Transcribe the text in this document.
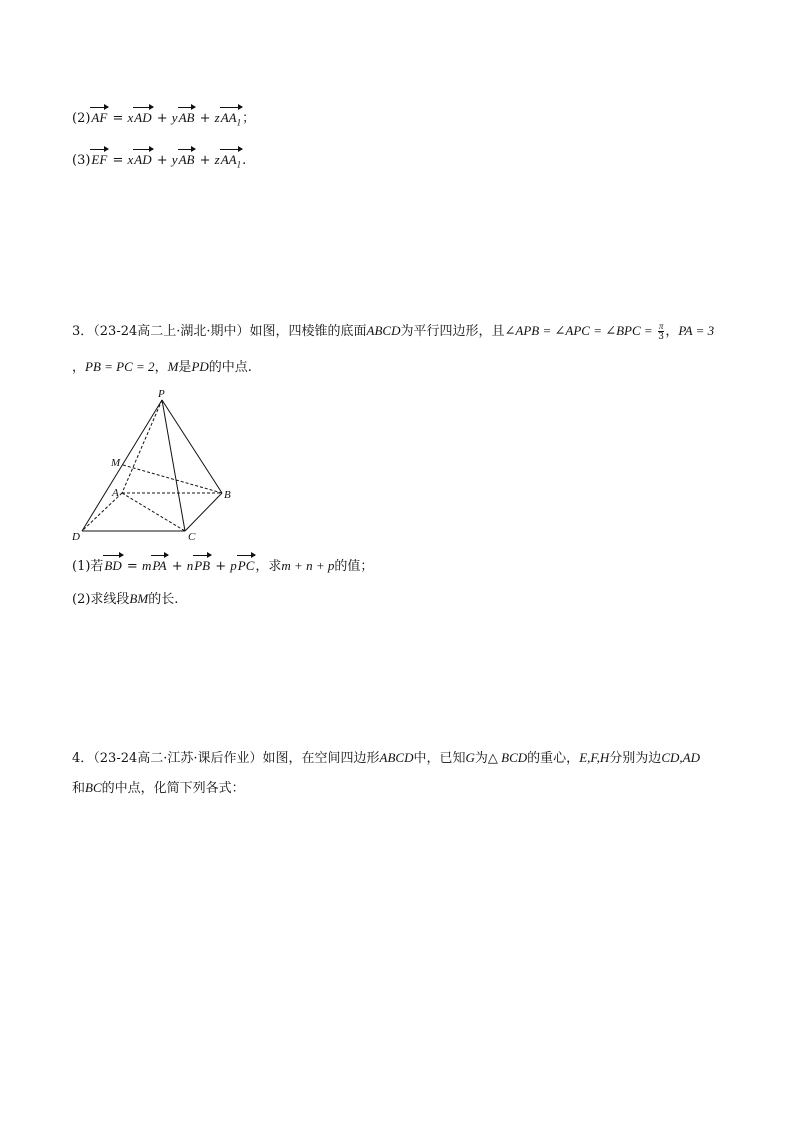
(2)AF = xAD + yAB + zAA$_1$；
(3)EF = xAD + yAB + zAA$_1$.
3．（23-24高二上·湖北·期中）如图，四棱锥的底面ABCD为平行四边形，且∠APB = ∠APC = ∠BPC = $\frac{\pi}{3}$ ，PA = 3
，PB = PC = 2，M是PD的中点.
P
M
A	B
C
D
(1)若BD = mPA + nPB + pPC，求m + n + p的值；
(2)求线段BM的长.
4．（23-24高二·江苏·课后作业）如图，在空间四边形ABCD中，已知G为△ BCD的重心，E,F,H分别为边CD,AD
和BC的中点，化简下列各式：
